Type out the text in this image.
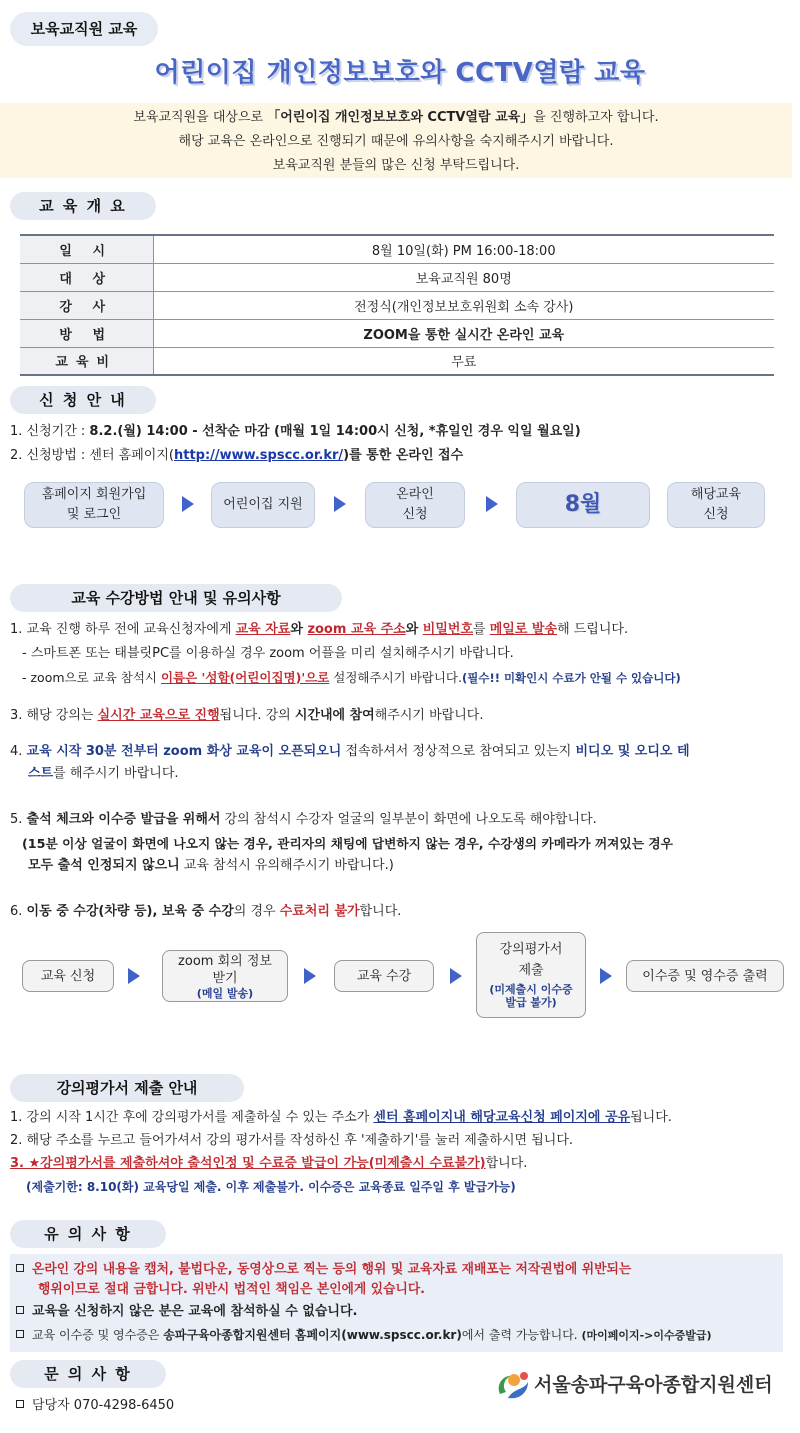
보육교직원 교육
어린이집 개인정보보호와 CCTV열람 교육
보육교직원을 대상으로 「어린이집 개인정보보호와 CCTV열람 교육」을 진행하고자 합니다.
해당 교육은 온라인으로 진행되기 때문에 유의사항을 숙지해주시기 바랍니다.
보육교직원 분들의 많은 신청 부탁드립니다.
교 육 개 요
일 시	8월 10일(화) PM 16:00-18:00
대 상	보육교직원 80명
강 사	전정식(개인정보보호위원회 소속 강사)
방 법	ZOOM을 통한 실시간 온라인 교육
교육비	무료
신 청 안 내
1. 신청기간 : 8.2.(월) 14:00 - 선착순 마감 (매월 1일 14:00시 신청, *휴일인 경우 익일 월요일)
2. 신청방법 : 센터 홈페이지(http://www.spscc.or.kr/)를 통한 온라인 접수
홈페이지 회원가입
및 로그인
어린이집 지원
온라인
신청	8월	해당교육
신청
교육 수강방법 안내 및 유의사항
1. 교육 진행 하루 전에 교육신청자에게 교육 자료와 zoom 교육 주소와 비밀번호를 메일로 발송해 드립니다.
- 스마트폰 또는 태블릿PC를 이용하실 경우 zoom 어플을 미리 설치해주시기 바랍니다.
- zoom으로 교육 참석시 이름은 '성함(어린이집명)'으로 설정해주시기 바랍니다.(필수!! 미확인시 수료가 안될 수 있습니다)
3. 해당 강의는 실시간 교육으로 진행됩니다. 강의 시간내에 참여해주시기 바랍니다.
4. 교육 시작 30분 전부터 zoom 화상 교육이 오픈되오니 접속하셔서 정상적으로 참여되고 있는지 비디오 및 오디오 테
스트를 해주시기 바랍니다.
5. 출석 체크와 이수증 발급을 위해서 강의 참석시 수강자 얼굴의 일부분이 화면에 나오도록 해야합니다.
(15분 이상 얼굴이 화면에 나오지 않는 경우, 관리자의 채팅에 답변하지 않는 경우, 수강생의 카메라가 꺼져있는 경우
모두 출석 인정되지 않으니 교육 참석시 유의해주시기 바랍니다.)
6. 이동 중 수강(차량 등), 보육 중 수강의 경우 수료처리 불가합니다.
교육 신청
zoom 회의 정보
받기
(메일 발송)
교육 수강
강의평가서
제출
(미제출시 이수증 발급 불가)
이수증 및 영수증 출력
강의평가서 제출 안내
1. 강의 시작 1시간 후에 강의평가서를 제출하실 수 있는 주소가 센터 홈페이지내 해당교육신청 페이지에 공유됩니다.
2. 해당 주소를 누르고 들어가셔서 강의 평가서를 작성하신 후 '제출하기'를 눌러 제출하시면 됩니다.
3. ★강의평가서를 제출하셔야 출석인정 및 수료증 발급이 가능(미제출시 수료불가)합니다.
(제출기한: 8.10(화) 교육당일 제출. 이후 제출불가. 이수증은 교육종료 일주일 후 발급가능)
유 의 사 항
온라인 강의 내용을 캡처, 불법다운, 동영상으로 찍는 등의 행위 및 교육자료 재배포는 저작권법에 위반되는
행위이므로 절대 금합니다. 위반시 법적인 책임은 본인에게 있습니다.
교육을 신청하지 않은 분은 교육에 참석하실 수 없습니다.
교육 이수증 및 영수증은 송파구육아종합지원센터 홈페이지(www.spscc.or.kr)에서 출력 가능합니다. (마이페이지->이수증발급)
문 의 사 항
담당자 070-4298-6450
서울송파구육아종합지원센터
